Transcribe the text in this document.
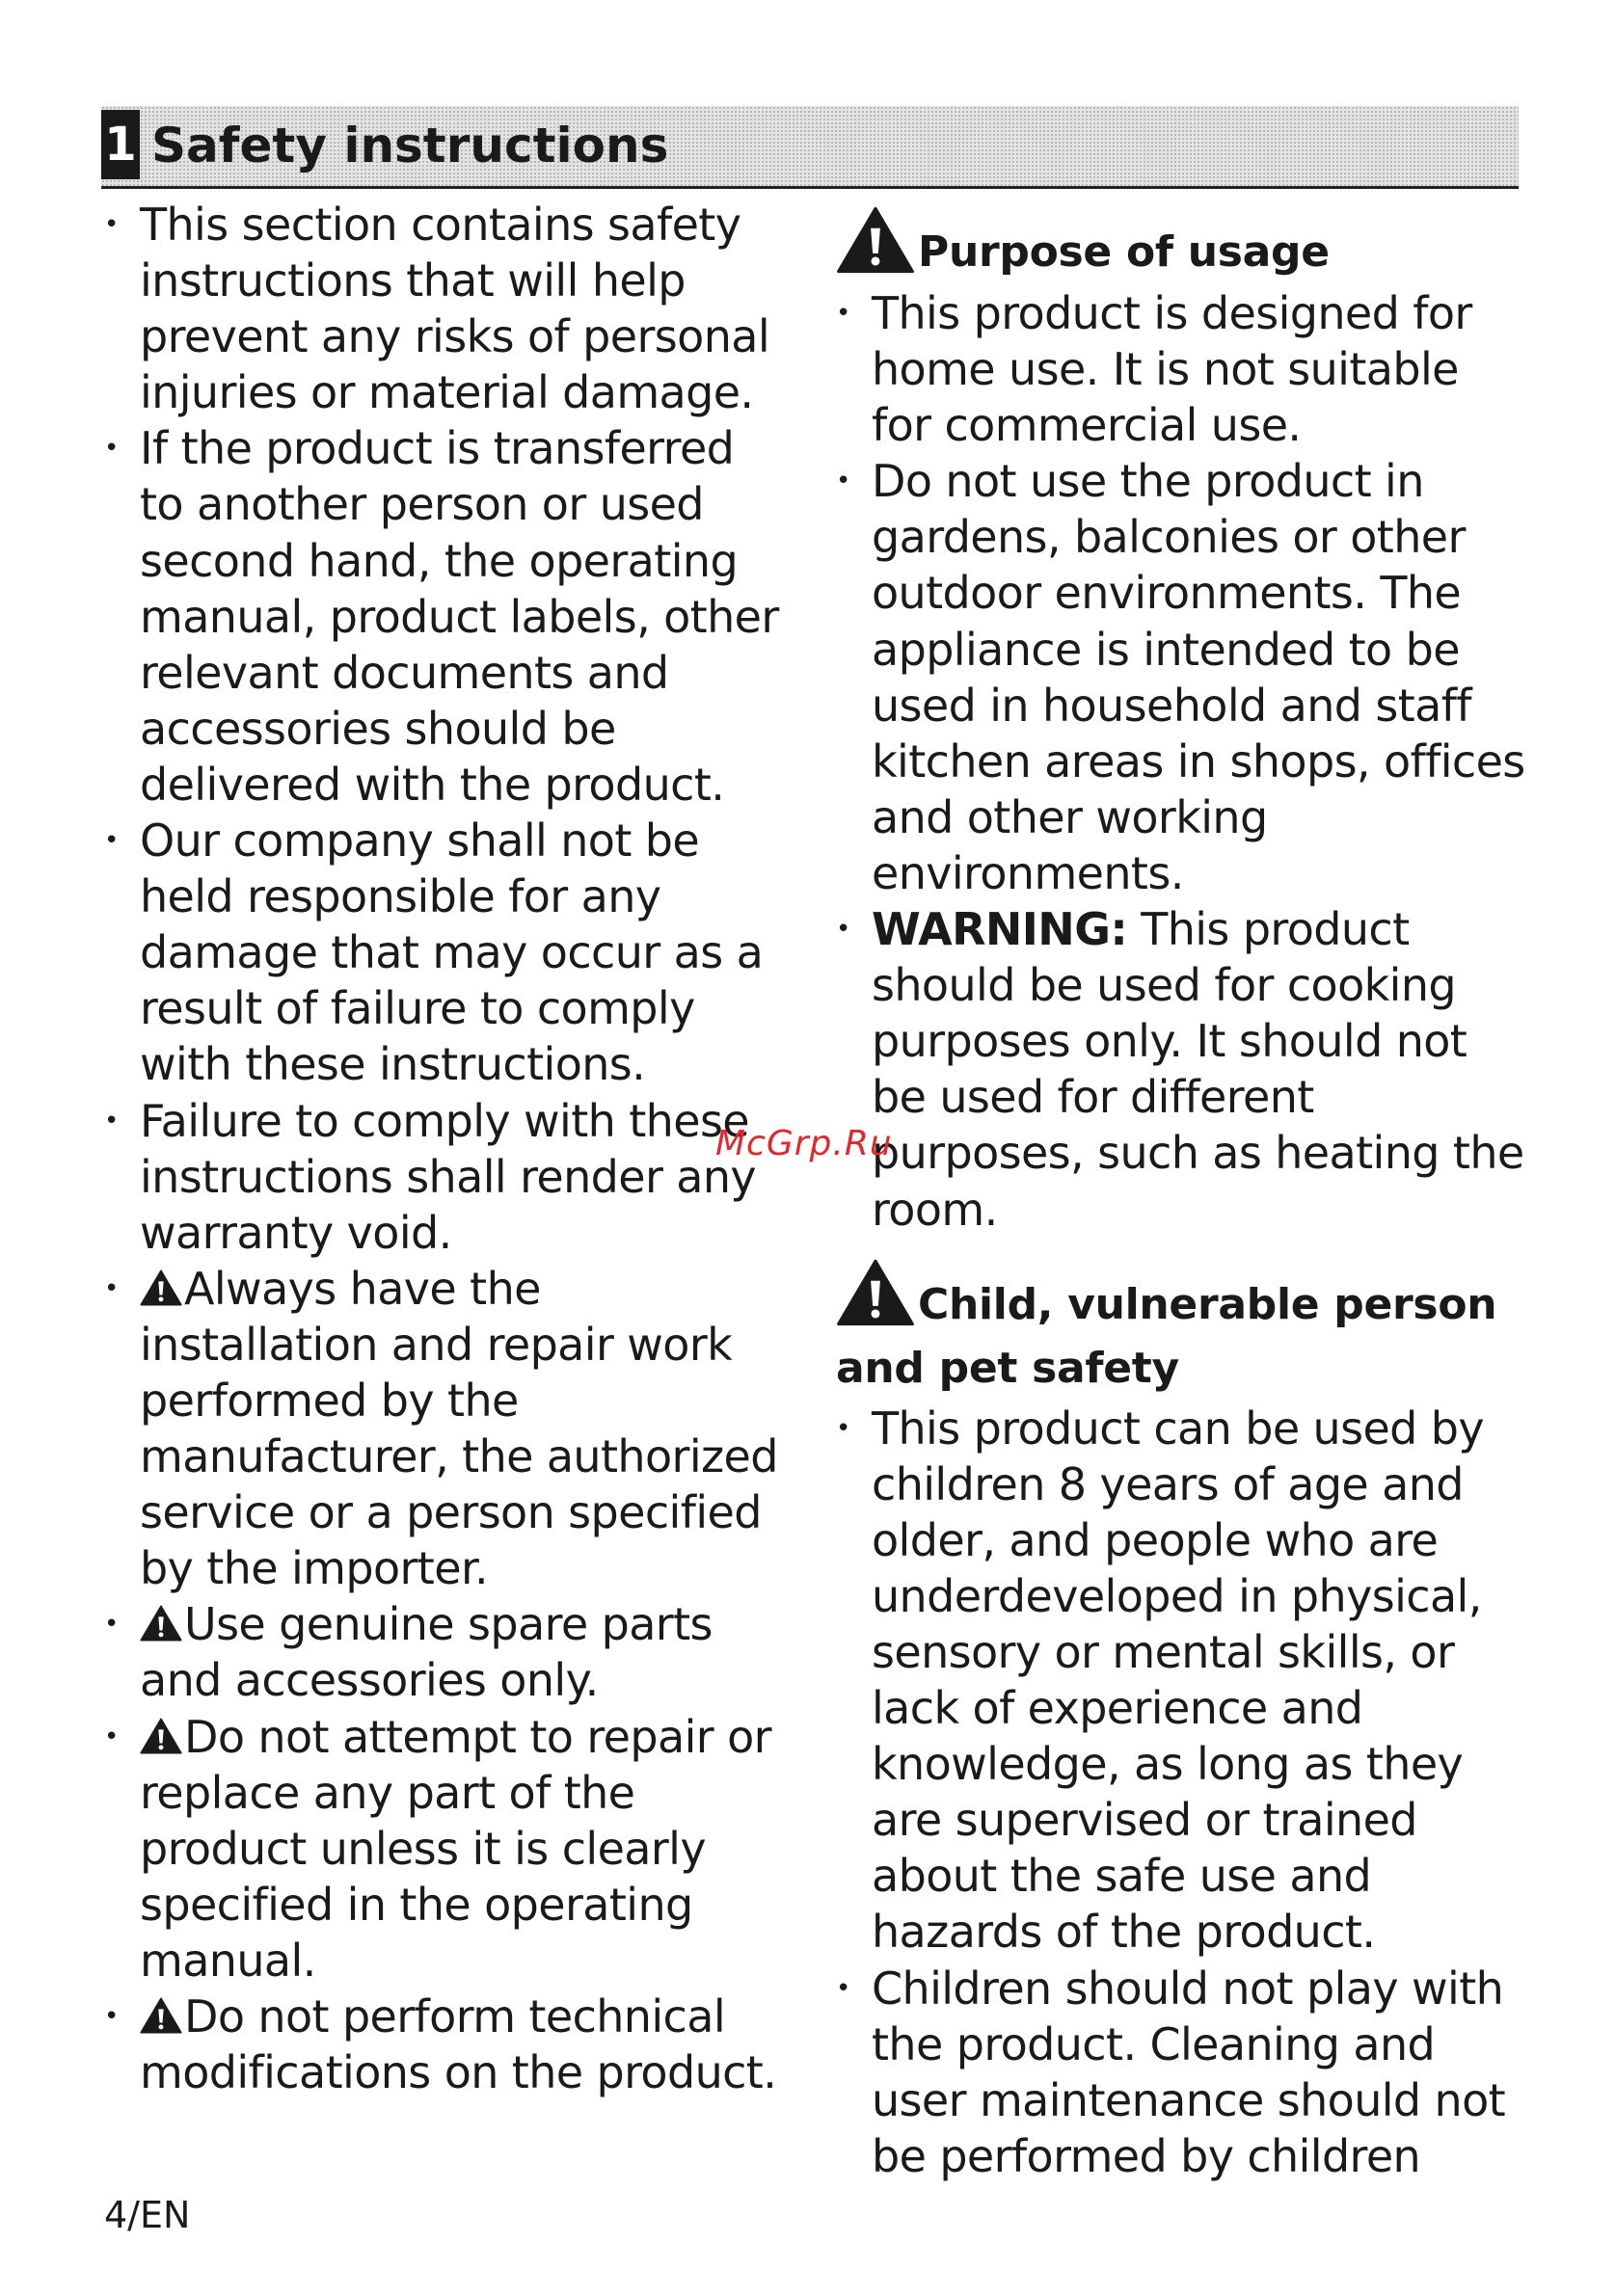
1 Safety instructions
• This section contains safety instructions that will help prevent any risks of personal injuries or material damage.
• If the product is transferred to another person or used second hand, the operating manual, product labels, other relevant documents and accessories should be delivered with the product.
• Our company shall not be held responsible for any damage that may occur as a result of failure to comply with these instructions.
• Failure to comply with these instructions shall render any warranty void.
• Always have the installation and repair work performed by the manufacturer, the authorized service or a person specified by the importer.
• Use genuine spare parts and accessories only.
• Do not attempt to repair or replace any part of the product unless it is clearly specified in the operating manual.
• Do not perform technical modifications on the product.
Purpose of usage
• This product is designed for home use. It is not suitable for commercial use.
• Do not use the product in gardens, balconies or other outdoor environments. The appliance is intended to be used in household and staff kitchen areas in shops, offices and other working environments.
• WARNING: This product should be used for cooking purposes only. It should not be used for different purposes, such as heating the room.
Child, vulnerable person and pet safety
• This product can be used by children 8 years of age and older, and people who are underdeveloped in physical, sensory or mental skills, or lack of experience and knowledge, as long as they are supervised or trained about the safe use and hazards of the product.
• Children should not play with the product. Cleaning and user maintenance should not be performed by children
McGrp.Ru
4/EN
